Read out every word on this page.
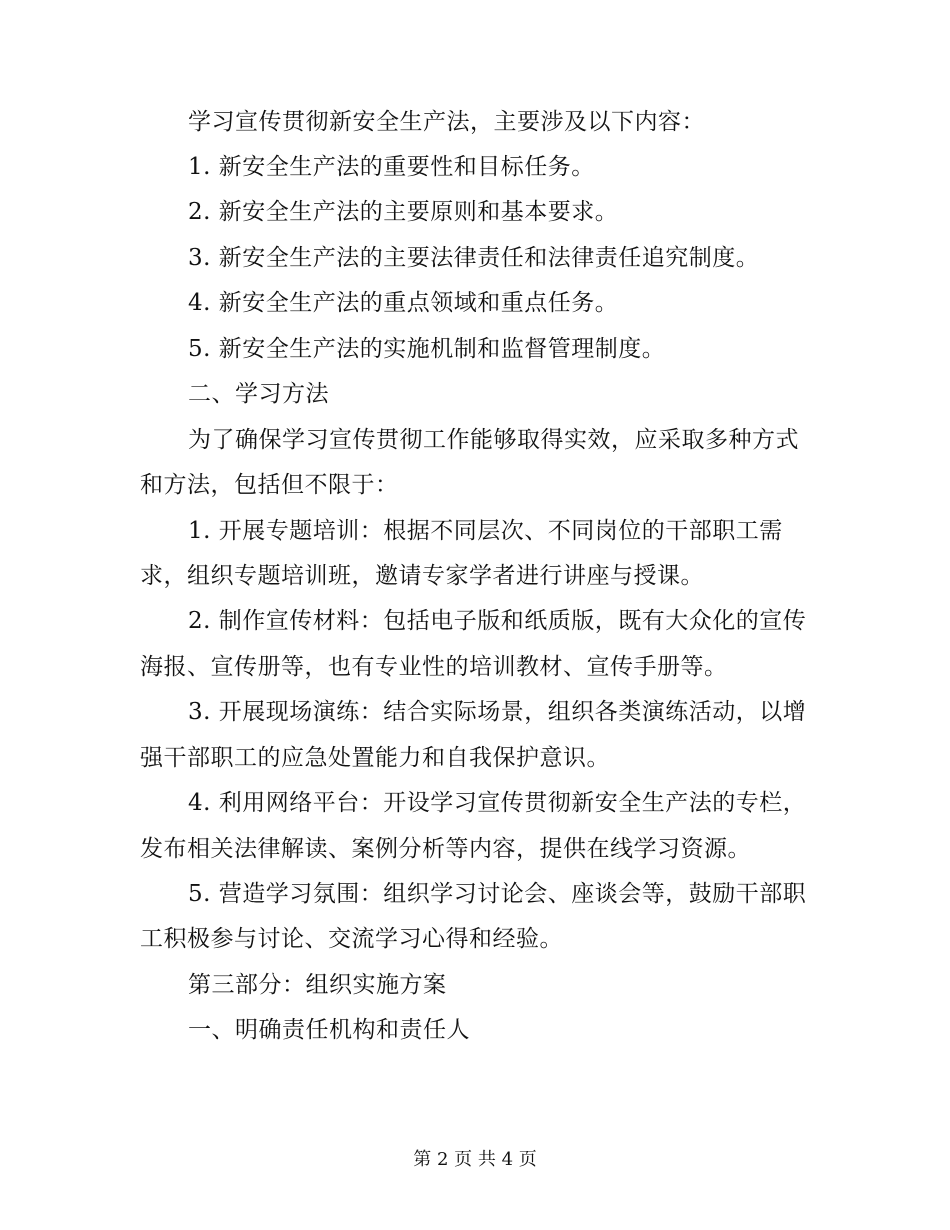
学习宣传贯彻新安全生产法，主要涉及以下内容：
1. 新安全生产法的重要性和目标任务。
2. 新安全生产法的主要原则和基本要求。
3. 新安全生产法的主要法律责任和法律责任追究制度。
4. 新安全生产法的重点领域和重点任务。
5. 新安全生产法的实施机制和监督管理制度。
二、学习方法
为了确保学习宣传贯彻工作能够取得实效，应采取多种方式
和方法，包括但不限于：
1. 开展专题培训：根据不同层次、不同岗位的干部职工需
求，组织专题培训班，邀请专家学者进行讲座与授课。
2. 制作宣传材料：包括电子版和纸质版，既有大众化的宣传
海报、宣传册等，也有专业性的培训教材、宣传手册等。
3. 开展现场演练：结合实际场景，组织各类演练活动，以增
强干部职工的应急处置能力和自我保护意识。
4. 利用网络平台：开设学习宣传贯彻新安全生产法的专栏，
发布相关法律解读、案例分析等内容，提供在线学习资源。
5. 营造学习氛围：组织学习讨论会、座谈会等，鼓励干部职
工积极参与讨论、交流学习心得和经验。
第三部分：组织实施方案
一、明确责任机构和责任人
第 2 页 共 4 页
